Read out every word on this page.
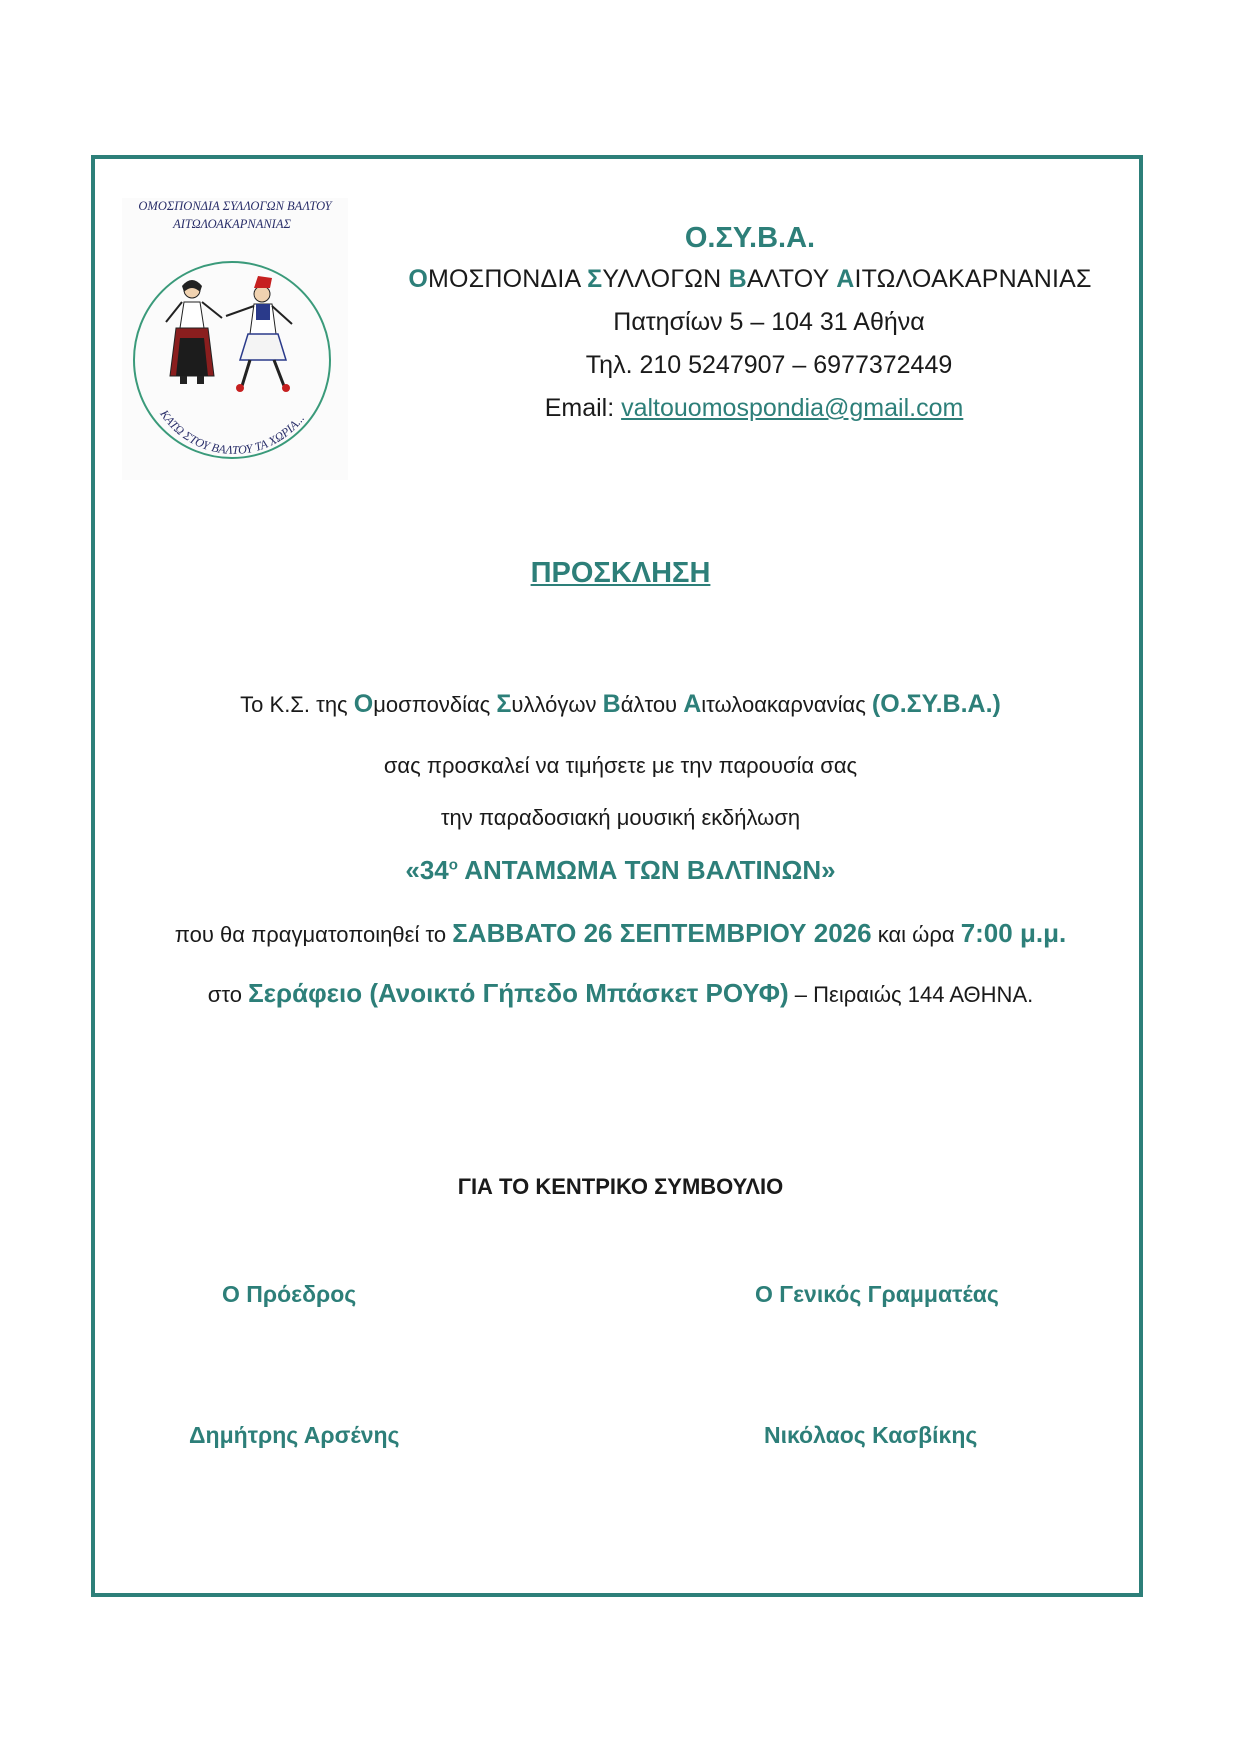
ΟΜΟΣΠΟΝΔΙΑ ΣΥΛΛΟΓΩΝ ΒΑΛΤΟΥ
ΑΙΤΩΛΟΑΚΑΡΝΑΝΙΑΣ
ΚΑΤΩ ΣΤΟΥ ΒΑΛΤΟΥ ΤΑ ΧΩΡΙΑ...
Ο.ΣΥ.Β.Α.
ΟΜΟΣΠΟΝΔΙΑ ΣΥΛΛΟΓΩΝ ΒΑΛΤΟΥ ΑΙΤΩΛΟΑΚΑΡΝΑΝΙΑΣ
Πατησίων 5 – 104 31 Αθήνα
Τηλ. 210 5247907 – 6977372449
Email: valtouomospondia@gmail.com
ΠΡΟΣΚΛΗΣΗ
Το Κ.Σ. της Ομοσπονδίας Συλλόγων Βάλτου Αιτωλοακαρνανίας (Ο.ΣΥ.Β.Α.)
σας προσκαλεί να τιμήσετε με την παρουσία σας
την παραδοσιακή μουσική εκδήλωση
«$34^o$ ΑΝΤΑΜΩΜΑ ΤΩΝ ΒΑΛΤΙΝΩΝ»
που θα πραγματοποιηθεί το ΣΑΒΒΑΤΟ 26 ΣΕΠΤΕΜΒΡΙΟΥ 2026 και ώρα 7:00 μ.μ.
στο Σεράφειο (Ανοικτό Γήπεδο Μπάσκετ ΡΟΥΦ) – Πειραιώς 144 ΑΘΗΝΑ.
ΓΙΑ ΤΟ ΚΕΝΤΡΙΚΟ ΣΥΜΒΟΥΛΙΟ
Ο Πρόεδρος	Ο Γενικός Γραμματέας
Δημήτρης Αρσένης	Νικόλαος Κασβίκης
